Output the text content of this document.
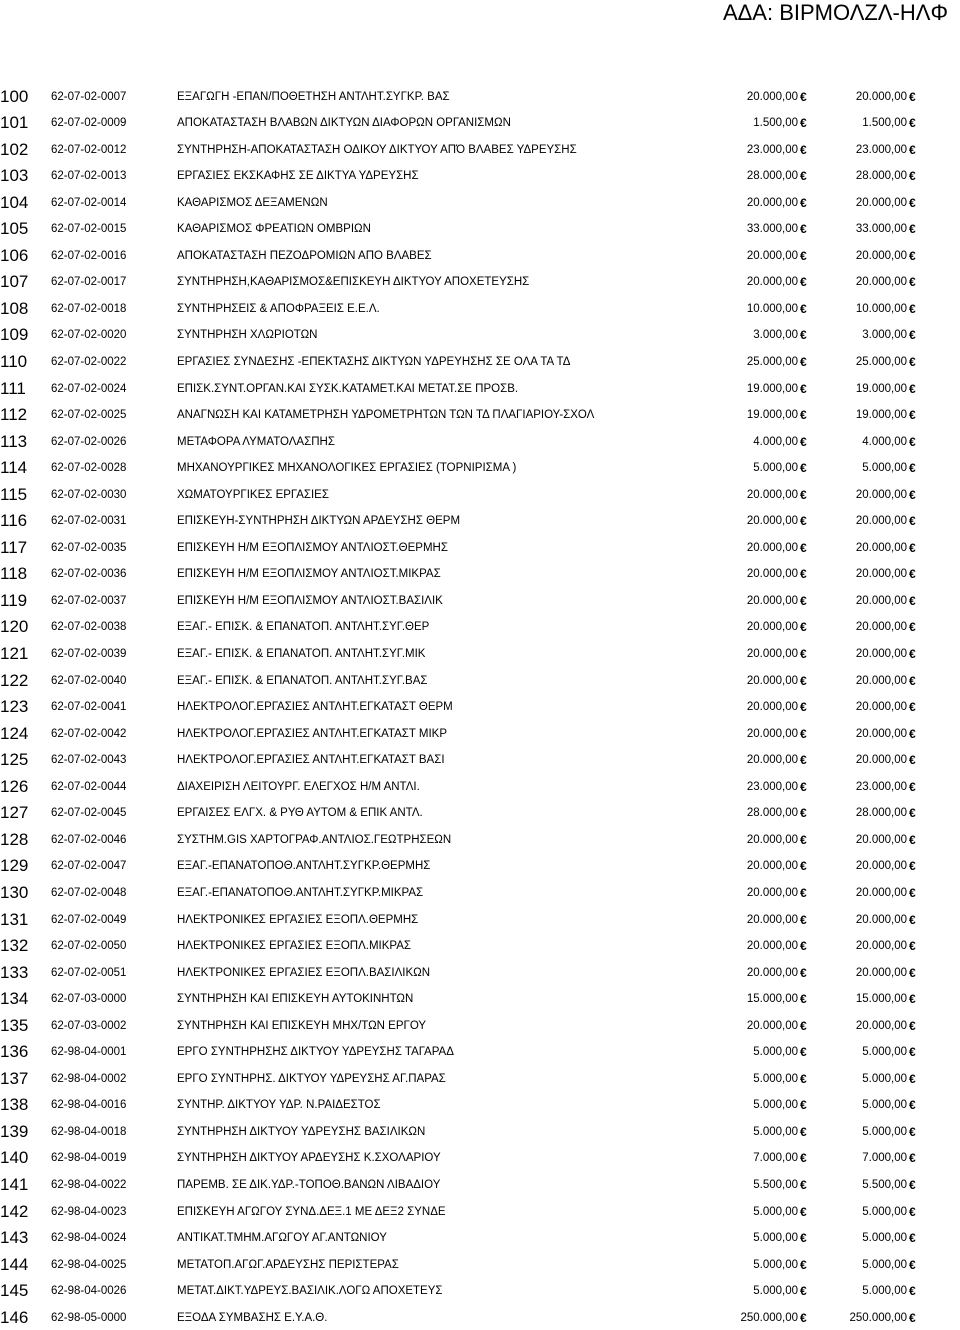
ΑΔΑ: ΒΙΡΜΟΛΖΛ-ΗΛΦ
100 62-07-02-0007	ΕΞΑΓΩΓΗ -ΕΠΑΝ/ΠΟΘΕΤΗΣΗ ΑΝΤΛΗΤ.ΣΥΓΚΡ. ΒΑΣ	20.000,00 €	20.000,00 €
101 62-07-02-0009	ΑΠΟΚΑΤΑΣΤΑΣΗ ΒΛΑΒΩΝ ΔΙΚΤΥΩΝ ΔΙΑΦΟΡΩΝ ΟΡΓΑΝΙΣΜΩΝ	1.500,00 €	1.500,00 €
102 62-07-02-0012	ΣΥΝΤΗΡΗΣΗ-ΑΠΟΚΑΤΑΣΤΑΣΗ ΟΔΙΚΟΥ ΔΙΚΤΥΟΥ ΑΠΌ ΒΛΑΒΕΣ ΥΔΡΕΥΣΗΣ	23.000,00 €	23.000,00 €
103 62-07-02-0013	ΕΡΓΑΣΙΕΣ ΕΚΣΚΑΦΗΣ ΣΕ ΔΙΚΤΥΑ ΥΔΡΕΥΣΗΣ	28.000,00 €	28.000,00 €
104 62-07-02-0014	ΚΑΘΑΡΙΣΜΟΣ ΔΕΞΑΜΕΝΩΝ	20.000,00 €	20.000,00 €
105 62-07-02-0015	ΚΑΘΑΡΙΣΜΟΣ ΦΡΕΑΤΙΩΝ ΟΜΒΡΙΩΝ	33.000,00 €	33.000,00 €
106 62-07-02-0016	ΑΠΟΚΑΤΑΣΤΑΣΗ ΠΕΖΟΔΡΟΜΙΩΝ ΑΠΟ ΒΛΑΒΕΣ	20.000,00 €	20.000,00 €
107 62-07-02-0017	ΣΥΝΤΗΡΗΣΗ,ΚΑΘΑΡΙΣΜΟΣ&ΕΠΙΣΚΕΥΗ ΔΙΚΤΥΟΥ ΑΠΟΧΕΤΕΥΣΗΣ	20.000,00 €	20.000,00 €
108 62-07-02-0018	ΣΥΝΤΗΡΗΣΕΙΣ & ΑΠΟΦΡΑΞΕΙΣ Ε.Ε.Λ.	10.000,00 €	10.000,00 €
109 62-07-02-0020	ΣΥΝΤΗΡΗΣΗ ΧΛΩΡΙΟΤΩΝ	3.000,00 €	3.000,00 €
110 62-07-02-0022	ΕΡΓΑΣΙΕΣ ΣΥΝΔΕΣΗΣ -ΕΠΕΚΤΑΣΗΣ ΔΙΚΤΥΩΝ ΥΔΡΕΥΗΣΗΣ ΣΕ ΟΛΑ ΤΑ ΤΔ	25.000,00 €	25.000,00 €
111 62-07-02-0024	ΕΠΙΣΚ.ΣΥΝΤ.ΟΡΓΑΝ.ΚΑΙ ΣΥΣΚ.ΚΑΤΑΜΕΤ.ΚΑΙ ΜΕΤΑΤ.ΣΕ ΠΡΟΣΒ.	19.000,00 €	19.000,00 €
112 62-07-02-0025	ΑΝΑΓΝΩΣΗ ΚΑΙ ΚΑΤΑΜΕΤΡΗΣΗ ΥΔΡΟΜΕΤΡΗΤΩΝ ΤΩΝ ΤΔ ΠΛΑΓΙΑΡΙΟΥ-ΣΧΟΛ	19.000,00 €	19.000,00 €
113 62-07-02-0026	ΜΕΤΑΦΟΡΑ ΛΥΜΑΤΟΛΑΣΠΗΣ	4.000,00 €	4.000,00 €
114 62-07-02-0028	ΜΗΧΑΝΟΥΡΓΙΚΕΣ ΜΗΧΑΝΟΛΟΓΙΚΕΣ ΕΡΓΑΣΙΕΣ (ΤΟΡΝΙΡΙΣΜΑ )	5.000,00 €	5.000,00 €
115 62-07-02-0030	ΧΩΜΑΤΟΥΡΓΙΚΕΣ ΕΡΓΑΣΙΕΣ	20.000,00 €	20.000,00 €
116 62-07-02-0031	ΕΠΙΣΚΕΥΗ-ΣΥΝΤΗΡΗΣΗ ΔΙΚΤΥΩΝ ΑΡΔΕΥΣΗΣ ΘΕΡΜ	20.000,00 €	20.000,00 €
117 62-07-02-0035	ΕΠΙΣΚΕΥΗ Η/Μ ΕΞΟΠΛΙΣΜΟΥ ΑΝΤΛΙΟΣΤ.ΘΕΡΜΗΣ	20.000,00 €	20.000,00 €
118 62-07-02-0036	ΕΠΙΣΚΕΥΗ Η/Μ ΕΞΟΠΛΙΣΜΟΥ ΑΝΤΛΙΟΣΤ.ΜΙΚΡΑΣ	20.000,00 €	20.000,00 €
119 62-07-02-0037	ΕΠΙΣΚΕΥΗ Η/Μ ΕΞΟΠΛΙΣΜΟΥ ΑΝΤΛΙΟΣΤ.ΒΑΣΙΛΙΚ	20.000,00 €	20.000,00 €
120 62-07-02-0038	ΕΞΑΓ.- ΕΠΙΣΚ. & ΕΠΑΝΑΤΟΠ. ΑΝΤΛΗΤ.ΣΥΓ.ΘΕΡ	20.000,00 €	20.000,00 €
121 62-07-02-0039	ΕΞΑΓ.- ΕΠΙΣΚ. & ΕΠΑΝΑΤΟΠ. ΑΝΤΛΗΤ.ΣΥΓ.ΜΙΚ	20.000,00 €	20.000,00 €
122 62-07-02-0040	ΕΞΑΓ.- ΕΠΙΣΚ. & ΕΠΑΝΑΤΟΠ. ΑΝΤΛΗΤ.ΣΥΓ.ΒΑΣ	20.000,00 €	20.000,00 €
123 62-07-02-0041	ΗΛΕΚΤΡΟΛΟΓ.ΕΡΓΑΣΙΕΣ ΑΝΤΛΗΤ.ΕΓΚΑΤΑΣΤ ΘΕΡΜ	20.000,00 €	20.000,00 €
124 62-07-02-0042	ΗΛΕΚΤΡΟΛΟΓ.ΕΡΓΑΣΙΕΣ ΑΝΤΛΗΤ.ΕΓΚΑΤΑΣΤ ΜΙΚΡ	20.000,00 €	20.000,00 €
125 62-07-02-0043	ΗΛΕΚΤΡΟΛΟΓ.ΕΡΓΑΣΙΕΣ ΑΝΤΛΗΤ.ΕΓΚΑΤΑΣΤ ΒΑΣΙ	20.000,00 €	20.000,00 €
126 62-07-02-0044	ΔΙΑΧΕΙΡΙΣΗ ΛΕΙΤΟΥΡΓ. ΕΛΕΓΧΟΣ Η/Μ ΑΝΤΛΙ.	23.000,00 €	23.000,00 €
127 62-07-02-0045	ΕΡΓΑΙΣΕΣ ΕΛΓΧ. & ΡΥΘ ΑΥΤΟΜ & ΕΠΙΚ ΑΝΤΛ.	28.000,00 €	28.000,00 €
128 62-07-02-0046	ΣΥΣΤΗΜ.GIS ΧΑΡΤΟΓΡΑΦ.ΑΝΤΛΙΟΣ.ΓΕΩΤΡΗΣΕΩΝ	20.000,00 €	20.000,00 €
129 62-07-02-0047	ΕΞΑΓ.-ΕΠΑΝΑΤΟΠΟΘ.ΑΝΤΛΗΤ.ΣΥΓΚΡ.ΘΕΡΜΗΣ	20.000,00 €	20.000,00 €
130 62-07-02-0048	ΕΞΑΓ.-ΕΠΑΝΑΤΟΠΟΘ.ΑΝΤΛΗΤ.ΣΥΓΚΡ.ΜΙΚΡΑΣ	20.000,00 €	20.000,00 €
131 62-07-02-0049	ΗΛΕΚΤΡΟΝΙΚΕΣ ΕΡΓΑΣΙΕΣ ΕΞΟΠΛ.ΘΕΡΜΗΣ	20.000,00 €	20.000,00 €
132 62-07-02-0050	ΗΛΕΚΤΡΟΝΙΚΕΣ ΕΡΓΑΣΙΕΣ ΕΞΟΠΛ.ΜΙΚΡΑΣ	20.000,00 €	20.000,00 €
133 62-07-02-0051	ΗΛΕΚΤΡΟΝΙΚΕΣ ΕΡΓΑΣΙΕΣ ΕΞΟΠΛ.ΒΑΣΙΛΙΚΩΝ	20.000,00 €	20.000,00 €
134 62-07-03-0000	ΣΥΝΤΗΡΗΣΗ ΚΑΙ ΕΠΙΣΚΕΥΗ ΑΥΤΟΚΙΝΗΤΩΝ	15.000,00 €	15.000,00 €
135 62-07-03-0002	ΣΥΝΤΗΡΗΣΗ ΚΑΙ ΕΠΙΣΚΕΥΗ ΜΗΧ/ΤΩΝ ΕΡΓΟΥ	20.000,00 €	20.000,00 €
136 62-98-04-0001	ΕΡΓΟ ΣΥΝΤΗΡΗΣΗΣ ΔΙΚΤΥΟΥ ΥΔΡΕΥΣΗΣ ΤΑΓΑΡΑΔ	5.000,00 €	5.000,00 €
137 62-98-04-0002	ΕΡΓΟ ΣΥΝΤΗΡΗΣ. ΔΙΚΤΥΟΥ ΥΔΡΕΥΣΗΣ ΑΓ.ΠΑΡΑΣ	5.000,00 €	5.000,00 €
138 62-98-04-0016	ΣΥΝΤΗΡ. ΔΙΚΤΥΟΥ ΥΔΡ. Ν.ΡΑΙΔΕΣΤΟΣ	5.000,00 €	5.000,00 €
139 62-98-04-0018	ΣΥΝΤΗΡΗΣΗ ΔΙΚΤΥΟΥ ΥΔΡΕΥΣΗΣ ΒΑΣΙΛΙΚΩΝ	5.000,00 €	5.000,00 €
140 62-98-04-0019	ΣΥΝΤΗΡΗΣΗ ΔΙΚΤΥΟΥ ΑΡΔΕΥΣΗΣ Κ.ΣΧΟΛΑΡΙΟΥ	7.000,00 €	7.000,00 €
141 62-98-04-0022	ΠΑΡΕΜΒ. ΣΕ ΔΙΚ.ΥΔΡ.-ΤΟΠΟΘ.ΒΑΝΩΝ ΛΙΒΑΔΙΟΥ	5.500,00 €	5.500,00 €
142 62-98-04-0023	ΕΠΙΣΚΕΥΗ ΑΓΩΓΟΥ ΣΥΝΔ.ΔΕΞ.1 ΜΕ ΔΕΞ2 ΣΥΝΔΕ	5.000,00 €	5.000,00 €
143 62-98-04-0024	ΑΝΤΙΚΑΤ.ΤΜΗΜ.ΑΓΩΓΟΥ ΑΓ.ΑΝΤΩΝΙΟΥ	5.000,00 €	5.000,00 €
144 62-98-04-0025	ΜΕΤΑΤΟΠ.ΑΓΩΓ.ΑΡΔΕΥΣΗΣ ΠΕΡΙΣΤΕΡΑΣ	5.000,00 €	5.000,00 €
145 62-98-04-0026	ΜΕΤΑΤ.ΔΙΚΤ.ΥΔΡΕΥΣ.ΒΑΣΙΛΙΚ.ΛΟΓΩ ΑΠΟΧΕΤΕΥΣ	5.000,00 €	5.000,00 €
146 62-98-05-0000	ΕΞΟΔΑ ΣΥΜΒΑΣΗΣ Ε.Υ.Α.Θ.	250.000,00 €	250.000,00 €
